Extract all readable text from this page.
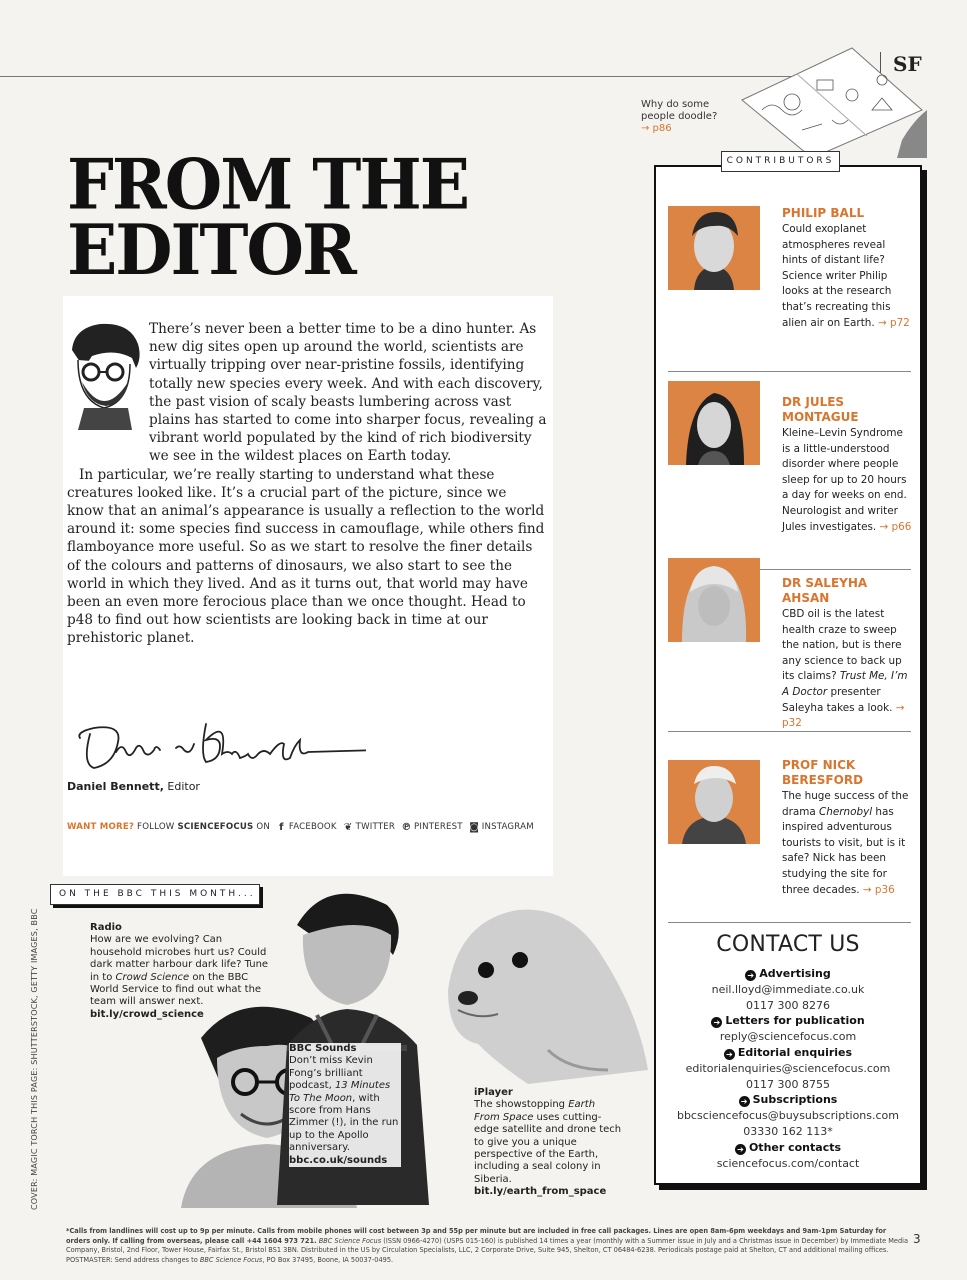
SF
Why do some people doodle?
→ p86
FROM THE
EDITOR

There’s never been a better time to be a dino hunter. As new dig sites open up around the world, scientists are virtually tripping over near-pristine fossils, identifying totally new species every week. And with each discovery, the past vision of scaly beasts lumbering across vast plains has started to come into sharper focus, revealing a vibrant world populated by the kind of rich biodiversity we see in the wildest places on Earth today.

In particular, we’re really starting to understand what these creatures looked like. It’s a crucial part of the picture, since we know that an animal’s appearance is usually a reflection to the world around it: some species find success in camouflage, while others find flamboyance more useful. So as we start to resolve the finer details of the colours and patterns of dinosaurs, we also start to see the world in which they lived. And as it turns out, that world may have been an even more ferocious place than we once thought. Head to p48 to find out how scientists are looking back in time at our prehistoric planet.

Daniel Bennett, Editor
WANT MORE? FOLLOW SCIENCEFOCUS ON f FACEBOOK ❦ TWITTER ℗ PINTEREST ◙ INSTAGRAM
ON THE BBC THIS MONTH...
COVER: MAGIC TORCH THIS PAGE: SHUTTERSTOCK, GETTY IMAGES, BBC	Radio
How are we evolving? Can household microbes hurt us? Could dark matter harbour dark life? Tune in to Crowd Science on the BBC World Service to find out what the team will answer next. bit.ly/crowd_science
BBC Sounds
Don’t miss Kevin Fong’s brilliant podcast, 13 Minutes To The Moon, with score from Hans Zimmer (!), in the run up to the Apollo anniversary. bbc.co.uk/sounds
iPlayer
The showstopping Earth From Space uses cutting-edge satellite and drone tech to give you a unique perspective of the Earth, including a seal colony in Siberia. bit.ly/earth_from_space
CONTRIBUTORS
PHILIP BALL
Could exoplanet atmospheres reveal hints of distant life? Science writer Philip looks at the research that’s recreating this alien air on Earth. → p72
DR JULES MONTAGUE
Kleine–Levin Syndrome is a little-understood disorder where people sleep for up to 20 hours a day for weeks on end. Neurologist and writer Jules investigates. → p66
DR SALEYHA AHSAN
CBD oil is the latest health craze to sweep the nation, but is there any science to back up its claims? Trust Me, I’m A Doctor presenter Saleyha takes a look. → p32
PROF NICK BERESFORD
The huge success of the drama Chernobyl has inspired adventurous tourists to visit, but is it safe? Nick has been studying the site for three decades. → p36
CONTACT US
➔ Advertising
neil.lloyd@immediate.co.uk
0117 300 8276
➔ Letters for publication
reply@sciencefocus.com
➔ Editorial enquiries
editorialenquiries@sciencefocus.com
0117 300 8755
➔ Subscriptions
bbcsciencefocus@buysubscriptions.com
03330 162 113*
➔ Other contacts
sciencefocus.com/contact
*Calls from landlines will cost up to 9p per minute. Calls from mobile phones will cost between 3p and 55p per minute but are included in free call packages. Lines are open 8am-6pm weekdays and 9am-1pm Saturday for orders only. If calling from overseas, please call +44 1604 973 721. BBC Science Focus (ISSN 0966-4270) (USPS 015-160) is published 14 times a year (monthly with a Summer issue in July and a Christmas issue in December) by Immediate Media Company, Bristol, 2nd Floor, Tower House, Fairfax St., Bristol BS1 3BN. Distributed in the US by Circulation Specialists, LLC, 2 Corporate Drive, Suite 945, Shelton, CT 06484-6238. Periodicals postage paid at Shelton, CT and additional mailing offices. POSTMASTER: Send address changes to BBC Science Focus, PO Box 37495, Boone, IA 50037-0495.
3
